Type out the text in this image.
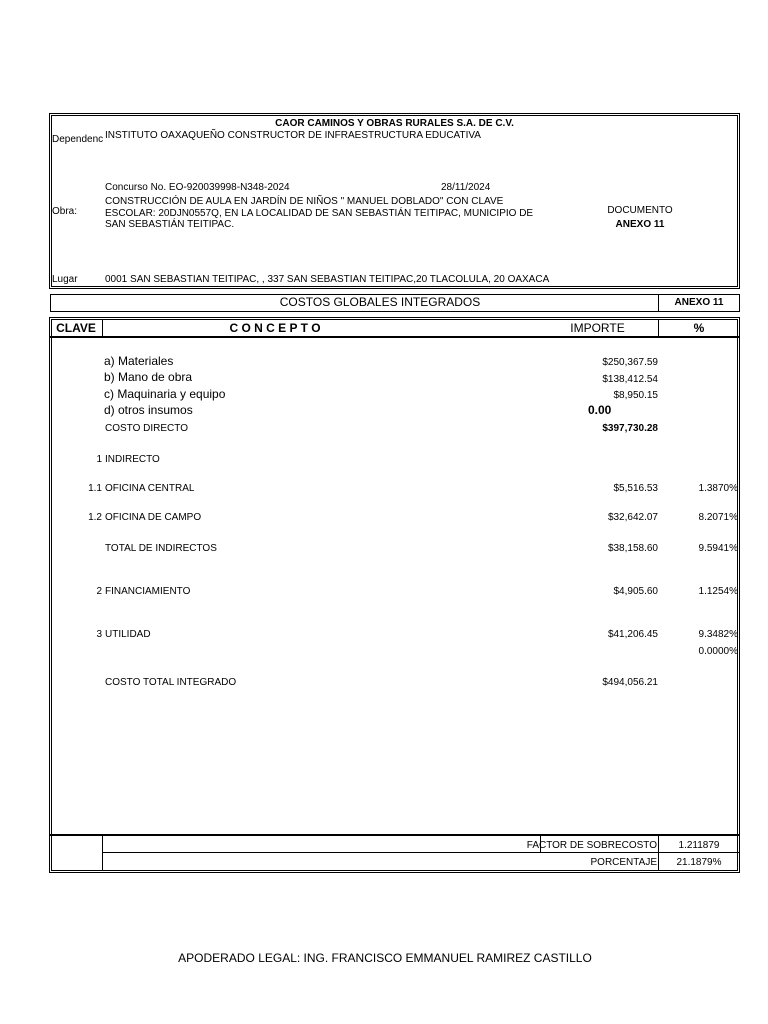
CAOR CAMINOS Y OBRAS RURALES S.A. DE C.V.
Dependenc INSTITUTO OAXAQUEÑO CONSTRUCTOR DE INFRAESTRUCTURA EDUCATIVA
Concurso No. EO-920039998-N348-2024	28/11/2024
Obra:
CONSTRUCCIÓN DE AULA EN JARDÍN DE NIÑOS " MANUEL DOBLADO" CON CLAVE
ESCOLAR: 20DJN0557Q, EN LA LOCALIDAD DE SAN SEBASTIÁN TEITIPAC, MUNICIPIO DE
SAN SEBASTIÁN TEITIPAC.
DOCUMENTO
ANEXO 11
Lugar	0001 SAN SEBASTIAN TEITIPAC, , 337 SAN SEBASTIAN TEITIPAC,20 TLACOLULA, 20 OAXACA
COSTOS GLOBALES INTEGRADOS	ANEXO 11
CLAVE	C O N C E P T O	IMPORTE	%
a) Materiales	$250,367.59
b) Mano de obra	$138,412.54
c) Maquinaria y equipo	$8,950.15
d) otros insumos	0.00
COSTO DIRECTO	$397,730.28
1 INDIRECTO
1.1 OFICINA CENTRAL	$5,516.53	1.3870%
1.2 OFICINA DE CAMPO	$32,642.07	8.2071%
TOTAL DE INDIRECTOS	$38,158.60	9.5941%
2 FINANCIAMIENTO	$4,905.60	1.1254%
3 UTILIDAD	$41,206.45	9.3482%
0.0000%
COSTO TOTAL INTEGRADO	$494,056.21
FACTOR DE SOBRECOSTO	1.211879
PORCENTAJE	21.1879%
APODERADO LEGAL: ING. FRANCISCO EMMANUEL RAMIREZ CASTILLO
